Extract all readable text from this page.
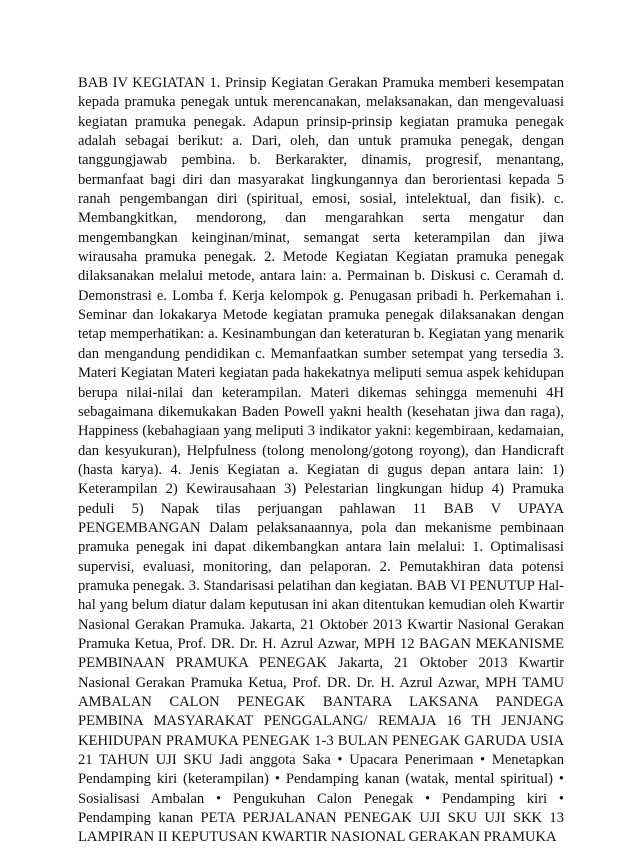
BAB IV KEGIATAN 1. Prinsip Kegiatan Gerakan Pramuka memberi kesempatan
kepada pramuka penegak untuk merencanakan, melaksanakan, dan mengevaluasi
kegiatan pramuka penegak. Adapun prinsip-prinsip kegiatan pramuka penegak
adalah sebagai berikut: a. Dari, oleh, dan untuk pramuka penegak, dengan
tanggungjawab pembina. b. Berkarakter, dinamis, progresif, menantang,
bermanfaat bagi diri dan masyarakat lingkungannya dan berorientasi kepada 5
ranah pengembangan diri (spiritual, emosi, sosial, intelektual, dan fisik). c.
Membangkitkan, mendorong, dan mengarahkan serta mengatur dan
mengembangkan keinginan/minat, semangat serta keterampilan dan jiwa
wirausaha pramuka penegak. 2. Metode Kegiatan Kegiatan pramuka penegak
dilaksanakan melalui metode, antara lain: a. Permainan b. Diskusi c. Ceramah d.
Demonstrasi e. Lomba f. Kerja kelompok g. Penugasan pribadi h. Perkemahan i.
Seminar dan lokakarya Metode kegiatan pramuka penegak dilaksanakan dengan
tetap memperhatikan: a. Kesinambungan dan keteraturan b. Kegiatan yang menarik
dan mengandung pendidikan c. Memanfaatkan sumber setempat yang tersedia 3.
Materi Kegiatan Materi kegiatan pada hakekatnya meliputi semua aspek kehidupan
berupa nilai-nilai dan keterampilan. Materi dikemas sehingga memenuhi 4H
sebagaimana dikemukakan Baden Powell yakni health (kesehatan jiwa dan raga),
Happiness (kebahagiaan yang meliputi 3 indikator yakni: kegembiraan, kedamaian,
dan kesyukuran), Helpfulness (tolong menolong/gotong royong), dan Handicraft
(hasta karya). 4. Jenis Kegiatan a. Kegiatan di gugus depan antara lain: 1)
Keterampilan 2) Kewirausahaan 3) Pelestarian lingkungan hidup 4) Pramuka
peduli 5) Napak tilas perjuangan pahlawan 11 BAB V UPAYA
PENGEMBANGAN Dalam pelaksanaannya, pola dan mekanisme pembinaan
pramuka penegak ini dapat dikembangkan antara lain melalui: 1. Optimalisasi
supervisi, evaluasi, monitoring, dan pelaporan. 2. Pemutakhiran data potensi
pramuka penegak. 3. Standarisasi pelatihan dan kegiatan. BAB VI PENUTUP Hal-
hal yang belum diatur dalam keputusan ini akan ditentukan kemudian oleh Kwartir
Nasional Gerakan Pramuka. Jakarta, 21 Oktober 2013 Kwartir Nasional Gerakan
Pramuka Ketua, Prof. DR. Dr. H. Azrul Azwar, MPH 12 BAGAN MEKANISME
PEMBINAAN PRAMUKA PENEGAK Jakarta, 21 Oktober 2013 Kwartir
Nasional Gerakan Pramuka Ketua, Prof. DR. Dr. H. Azrul Azwar, MPH TAMU
AMBALAN CALON PENEGAK BANTARA LAKSANA PANDEGA
PEMBINA MASYARAKAT PENGGALANG/ REMAJA 16 TH JENJANG
KEHIDUPAN PRAMUKA PENEGAK 1-3 BULAN PENEGAK GARUDA USIA
21 TAHUN UJI SKU Jadi anggota Saka • Upacara Penerimaan • Menetapkan
Pendamping kiri (keterampilan) • Pendamping kanan (watak, mental spiritual) •
Sosialisasi Ambalan • Pengukuhan Calon Penegak • Pendamping kiri •
Pendamping kanan PETA PERJALANAN PENEGAK UJI SKU UJI SKK 13
LAMPIRAN II KEPUTUSAN KWARTIR NASIONAL GERAKAN PRAMUKA
